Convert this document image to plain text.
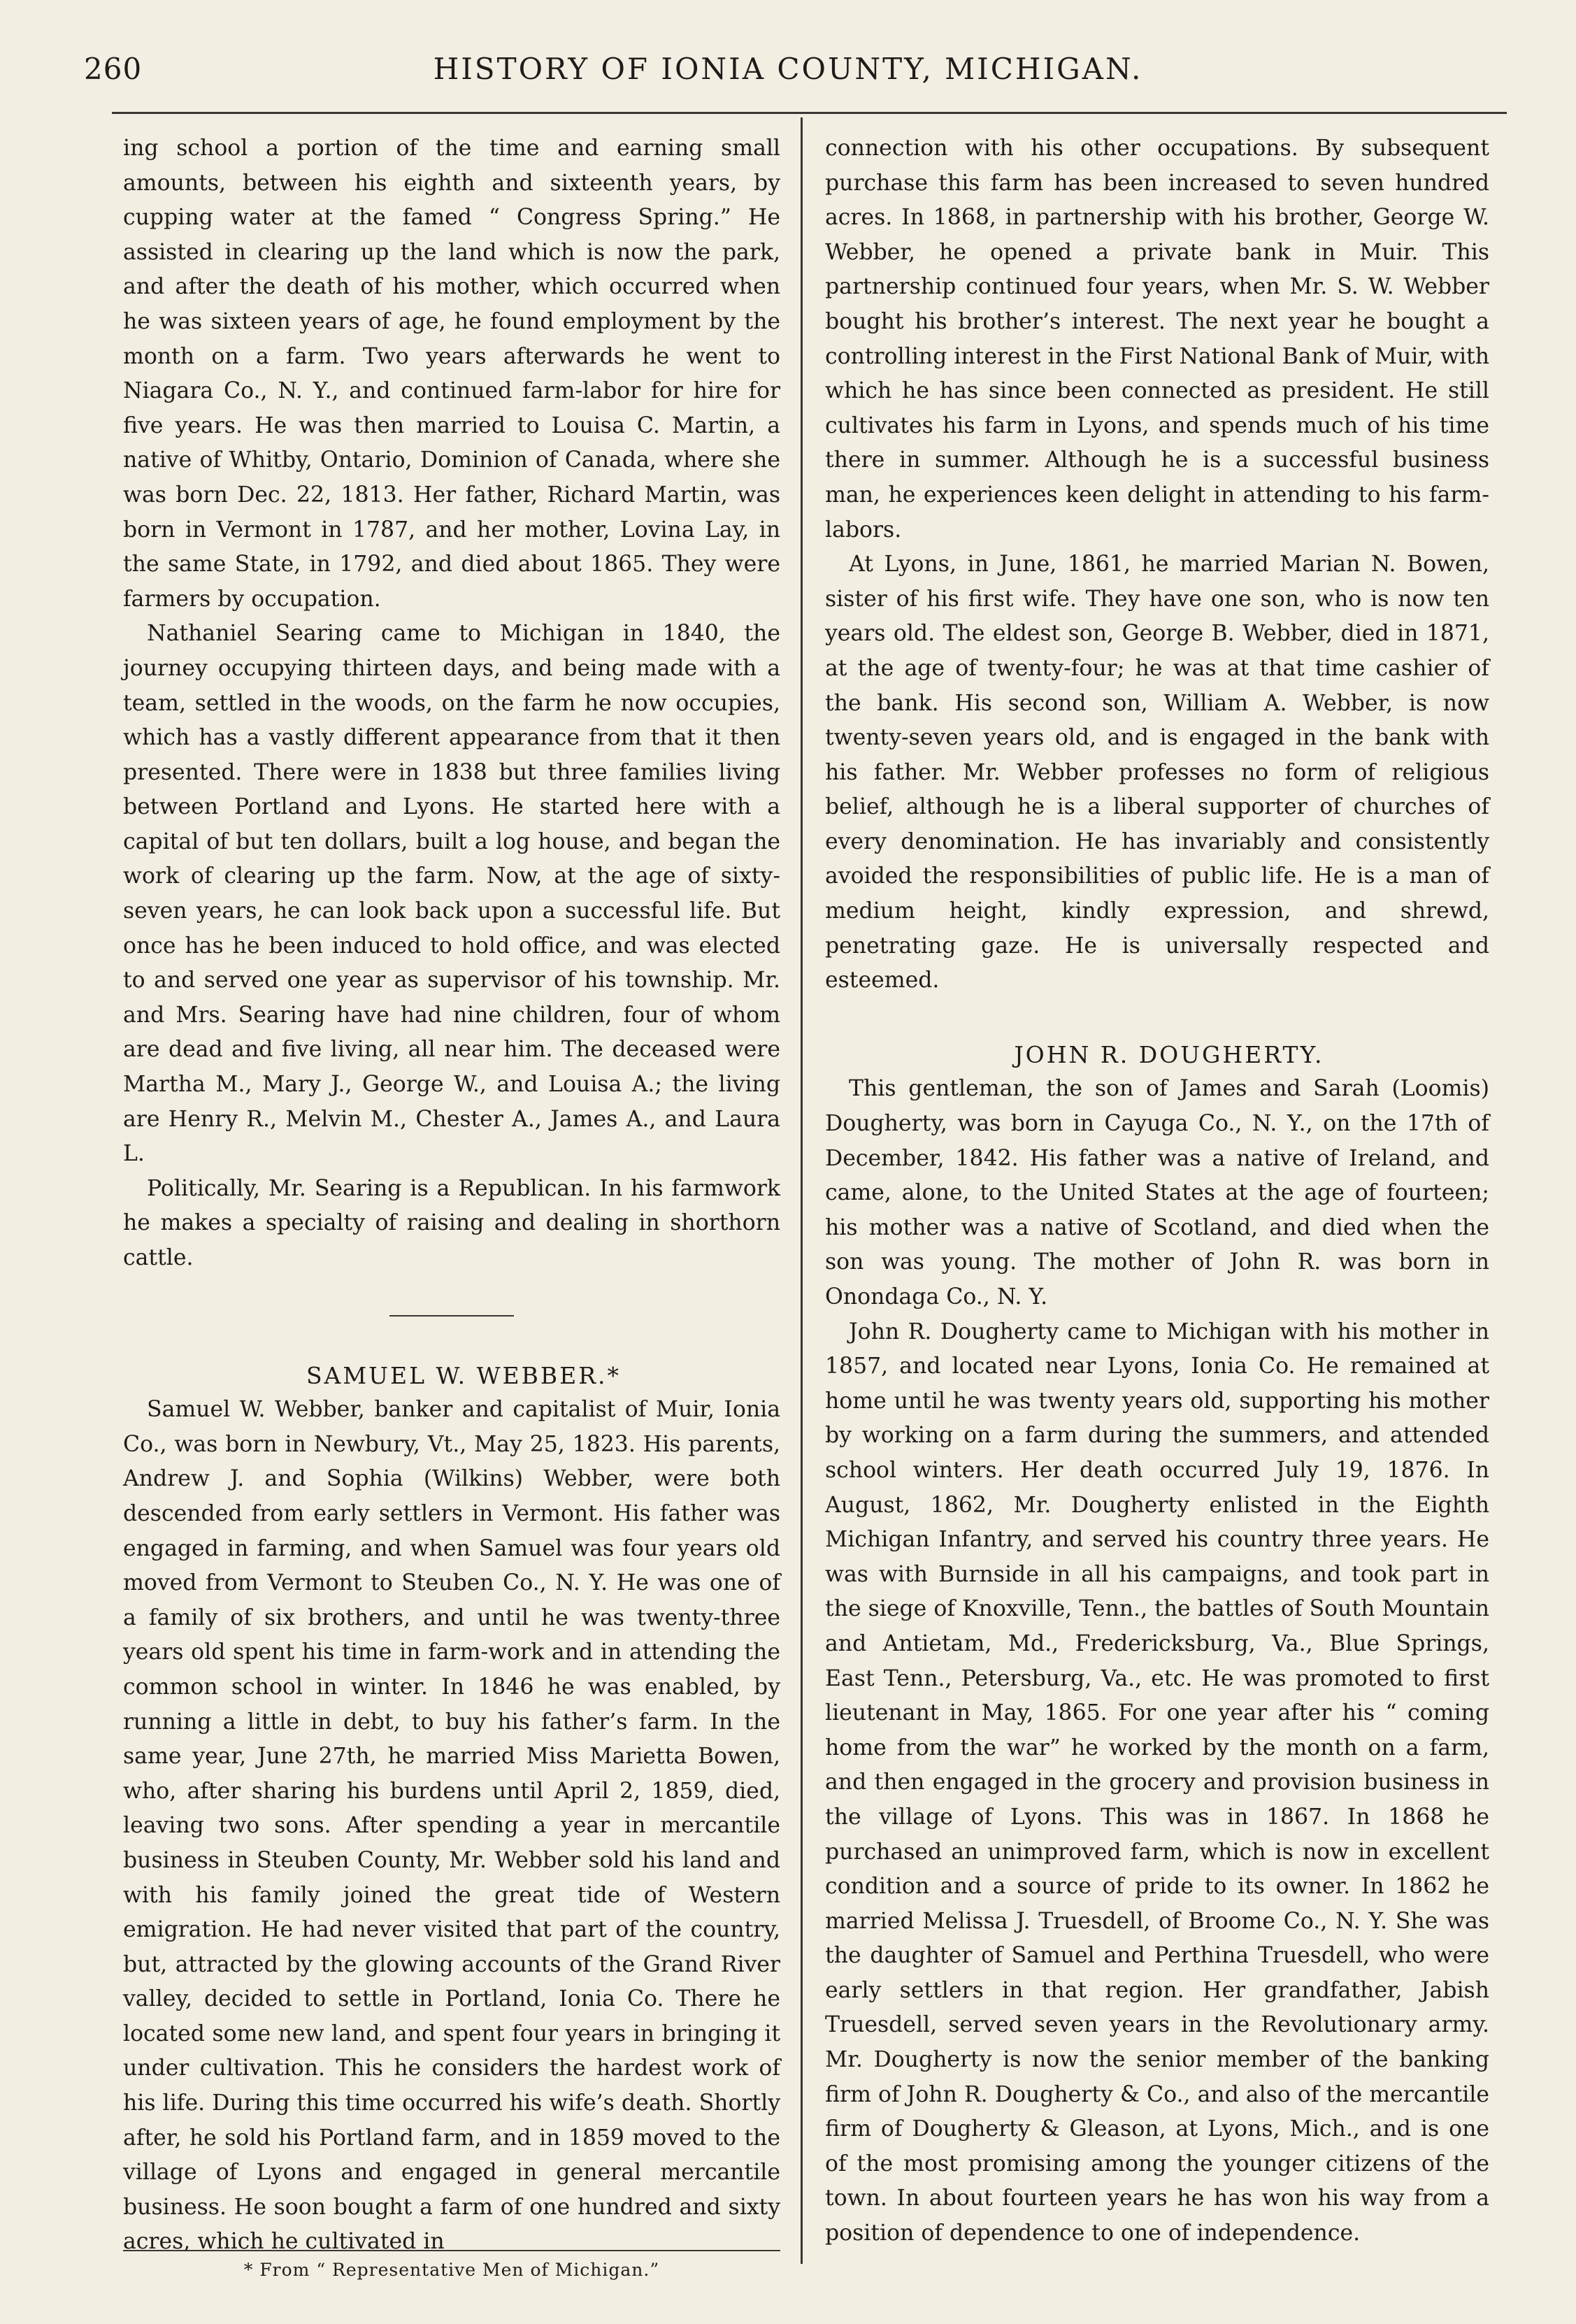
260	HISTORY OF IONIA COUNTY, MICHIGAN.

ing school a portion of the time and earning small amounts, between his eighth and sixteenth years, by cupping water at the famed “ Congress Spring.” He assisted in clearing up the land which is now the park, and after the death of his mother, which occurred when he was sixteen years of age, he found employment by the month on a farm. Two years afterwards he went to Niagara Co., N. Y., and continued farm-labor for hire for five years. He was then married to Louisa C. Martin, a native of Whitby, Ontario, Dominion of Canada, where she was born Dec. 22, 1813. Her father, Richard Martin, was born in Vermont in 1787, and her mother, Lovina Lay, in the same State, in 1792, and died about 1865. They were farmers by occupation.

Nathaniel Searing came to Michigan in 1840, the journey occupying thirteen days, and being made with a team, settled in the woods, on the farm he now occupies, which has a vastly different appearance from that it then presented. There were in 1838 but three families living between Portland and Lyons. He started here with a capital of but ten dollars, built a log house, and began the work of clearing up the farm. Now, at the age of sixty-seven years, he can look back upon a successful life. But once has he been induced to hold office, and was elected to and served one year as supervisor of his township. Mr. and Mrs. Searing have had nine children, four of whom are dead and five living, all near him. The deceased were Martha M., Mary J., George W., and Louisa A.; the living are Henry R., Melvin M., Chester A., James A., and Laura L.

Politically, Mr. Searing is a Republican. In his farmwork he makes a specialty of raising and dealing in shorthorn cattle.

SAMUEL W. WEBBER.*

Samuel W. Webber, banker and capitalist of Muir, Ionia Co., was born in Newbury, Vt., May 25, 1823. His parents, Andrew J. and Sophia (Wilkins) Webber, were both descended from early settlers in Vermont. His father was engaged in farming, and when Samuel was four years old moved from Vermont to Steuben Co., N. Y. He was one of a family of six brothers, and until he was twenty-three years old spent his time in farm-work and in attending the common school in winter. In 1846 he was enabled, by running a little in debt, to buy his father’s farm. In the same year, June 27th, he married Miss Marietta Bowen, who, after sharing his burdens until April 2, 1859, died, leaving two sons. After spending a year in mercantile business in Steuben County, Mr. Webber sold his land and with his family joined the great tide of Western emigration. He had never visited that part of the country, but, attracted by the glowing accounts of the Grand River valley, decided to settle in Portland, Ionia Co. There he located some new land, and spent four years in bringing it under cultivation. This he considers the hardest work of his life. During this time occurred his wife’s death. Shortly after, he sold his Portland farm, and in 1859 moved to the village of Lyons and engaged in general mercantile business. He soon bought a farm of one hundred and sixty acres, which he cultivated in

connection with his other occupations. By subsequent purchase this farm has been increased to seven hundred acres. In 1868, in partnership with his brother, George W. Webber, he opened a private bank in Muir. This partnership continued four years, when Mr. S. W. Webber bought his brother’s interest. The next year he bought a controlling interest in the First National Bank of Muir, with which he has since been connected as president. He still cultivates his farm in Lyons, and spends much of his time there in summer. Although he is a successful business man, he experiences keen delight in attending to his farm-labors.

At Lyons, in June, 1861, he married Marian N. Bowen, sister of his first wife. They have one son, who is now ten years old. The eldest son, George B. Webber, died in 1871, at the age of twenty-four; he was at that time cashier of the bank. His second son, William A. Webber, is now twenty-seven years old, and is engaged in the bank with his father. Mr. Webber professes no form of religious belief, although he is a liberal supporter of churches of every denomination. He has invariably and consistently avoided the responsibilities of public life. He is a man of medium height, kindly expression, and shrewd, penetrating gaze. He is universally respected and esteemed.

JOHN R. DOUGHERTY.

This gentleman, the son of James and Sarah (Loomis) Dougherty, was born in Cayuga Co., N. Y., on the 17th of December, 1842. His father was a native of Ireland, and came, alone, to the United States at the age of fourteen; his mother was a native of Scotland, and died when the son was young. The mother of John R. was born in Onondaga Co., N. Y.

John R. Dougherty came to Michigan with his mother in 1857, and located near Lyons, Ionia Co. He remained at home until he was twenty years old, supporting his mother by working on a farm during the summers, and attended school winters. Her death occurred July 19, 1876. In August, 1862, Mr. Dougherty enlisted in the Eighth Michigan Infantry, and served his country three years. He was with Burnside in all his campaigns, and took part in the siege of Knoxville, Tenn., the battles of South Mountain and Antietam, Md., Fredericksburg, Va., Blue Springs, East Tenn., Petersburg, Va., etc. He was promoted to first lieutenant in May, 1865. For one year after his “ coming home from the war” he worked by the month on a farm, and then engaged in the grocery and provision business in the village of Lyons. This was in 1867. In 1868 he purchased an unimproved farm, which is now in excellent condition and a source of pride to its owner. In 1862 he married Melissa J. Truesdell, of Broome Co., N. Y. She was the daughter of Samuel and Perthina Truesdell, who were early settlers in that region. Her grandfather, Jabish Truesdell, served seven years in the Revolutionary army. Mr. Dougherty is now the senior member of the banking firm of John R. Dougherty & Co., and also of the mercantile firm of Dougherty & Gleason, at Lyons, Mich., and is one of the most promising among the younger citizens of the town. In about fourteen years he has won his way from a position of dependence to one of independence.

* From “ Representative Men of Michigan.”
